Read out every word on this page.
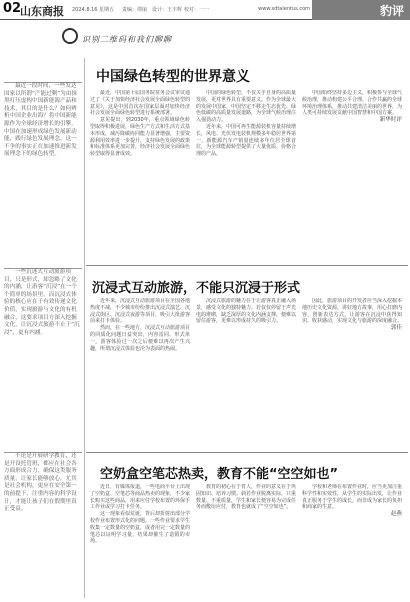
02
山东商报 2024.8.16 星期五 责编：谭丽 设计：王丰辉 校对：一一	www.sdtalentus.com	豹评
识别二维码和我们聊聊

最近一段时间，一些发达国家以所谓“产能过剩”为由抹黑打压虚构中国新能源产品和技术，其目的是什么？如何辨析中国企业出海？将中国新能源作为全球经济增长的引擎，中国在加速形成绿色发展新动能，践行绿色发展理念，这一不争的事实正在加速推进新发展理念下的绿色转型。

一些沉迷式互动旅游项目，只是形式，却忽略了文化的内涵，让游客“沉浸”在一个个简单的场景里。而沉浸式体验的核心应在于有效传递文化价值，实现旅游与文化的有机融合，这要求项目方深入挖掘文化，让沉浸式旅游不止于“沉浸”，更有内涵。

不论是开展研学教育，还是开设托管班，都应在社会各方面形成合力，确保这类服务质量，让家长能够放心。尤其是社会机构，更应在安全第一的前提下，注重内容的科学设计，才能让孩子们在假期里真正受益。

中国绿色转型的世界意义

最近，中国第十届国务院常务会议审议通过了《关于加快经济社会发展全面绿色转型的意见》，这是中国首次在国家层面对加快经济社会发展全面绿色转型进行系统部署。

意见提出，到2030年，重点领域绿色转型取得积极进展，绿色生产方式和生活方式基本形成，减污降碳协同能力显著增强，主要资源利用效率进一步提升，支持绿色发展的政策和标准体系更加完善，经济社会发展全面绿色转型取得显著成效。

中国的绿色转型，不仅关乎自身的高质量发展，更对世界具有重要意义。作为全球最大的发展中国家，中国坚定不移走生态优先、绿色低碳的高质量发展道路，为全球气候治理注入强劲动力。

近年来，中国可再生能源装机容量持续增长，风电、光伏发电装机规模多年稳居世界第一，新能源汽车产销量连续多年位居全球首位，为全球能源转型提供了大量优质、价格合理的产品。

中国始终坚持多边主义，积极参与全球气候治理，推动构建公平合理、合作共赢的全球环境治理体系，推动共建清洁美丽的世界，为人类可持续发展贡献中国智慧和中国方案。

新华时评
沉浸式互动旅游，不能只沉浸于形式

近年来，沉浸式互动旅游项目在全国各地热度不减，不少城市纷纷推出沉浸式演艺、沉浸式街区、沉浸式夜游等项目，吸引大批游客前来打卡体验。

然而，在一些地方，沉浸式互动旅游项目的同质化问题日益突出，内容雷同、形式单一，游客体验过一次之后便难以再次产生兴趣，所谓沉浸式体验也沦为表面的热闹。

沉浸式旅游的魅力在于让游客真正融入场景，感受文化的独特魅力。若仅仅停留于声光电的堆砌，缺乏深厚的文化内涵支撑，便难以留住游客，更难以形成持久的吸引力。

因此，旅游项目的开发者应当深入挖掘本地历史文化资源，讲好地方故事，用心打磨内容，创新表达方式，让游客在沉浸中获得知识、收获感动，实现文化与旅游的深度融合。

郭佳
空奶盒空笔芯热卖，教育不能“空空如也”

近日，有媒体报道，一些电商平台上出现了空奶盒、空笔芯等商品热卖的现象，不少家长购买这些商品，用来应付学校布置的环保手工作业或学习打卡任务。

这一现象看似荒诞，背后却折射出部分学校作业布置形式化的问题。一些作业要求学生收集一定数量的空奶盒，或者用完一定数量的笔芯以证明学习量，结果却催生了造假的市场。

教育的初心在于育人，作业的意义在于巩固知识、培养习惯。倘若作业脱离实际，只重数量、不重质量，学生和家长便容易为完成任务而敷衍应付，教育也就成了“空空如也”。

学校和老师在布置作业时，应当更加注重科学性和实效性，从学生的实际出发，让作业真正服务于学生的成长，而非成为家长的负担和商家的生意。

赵燕
